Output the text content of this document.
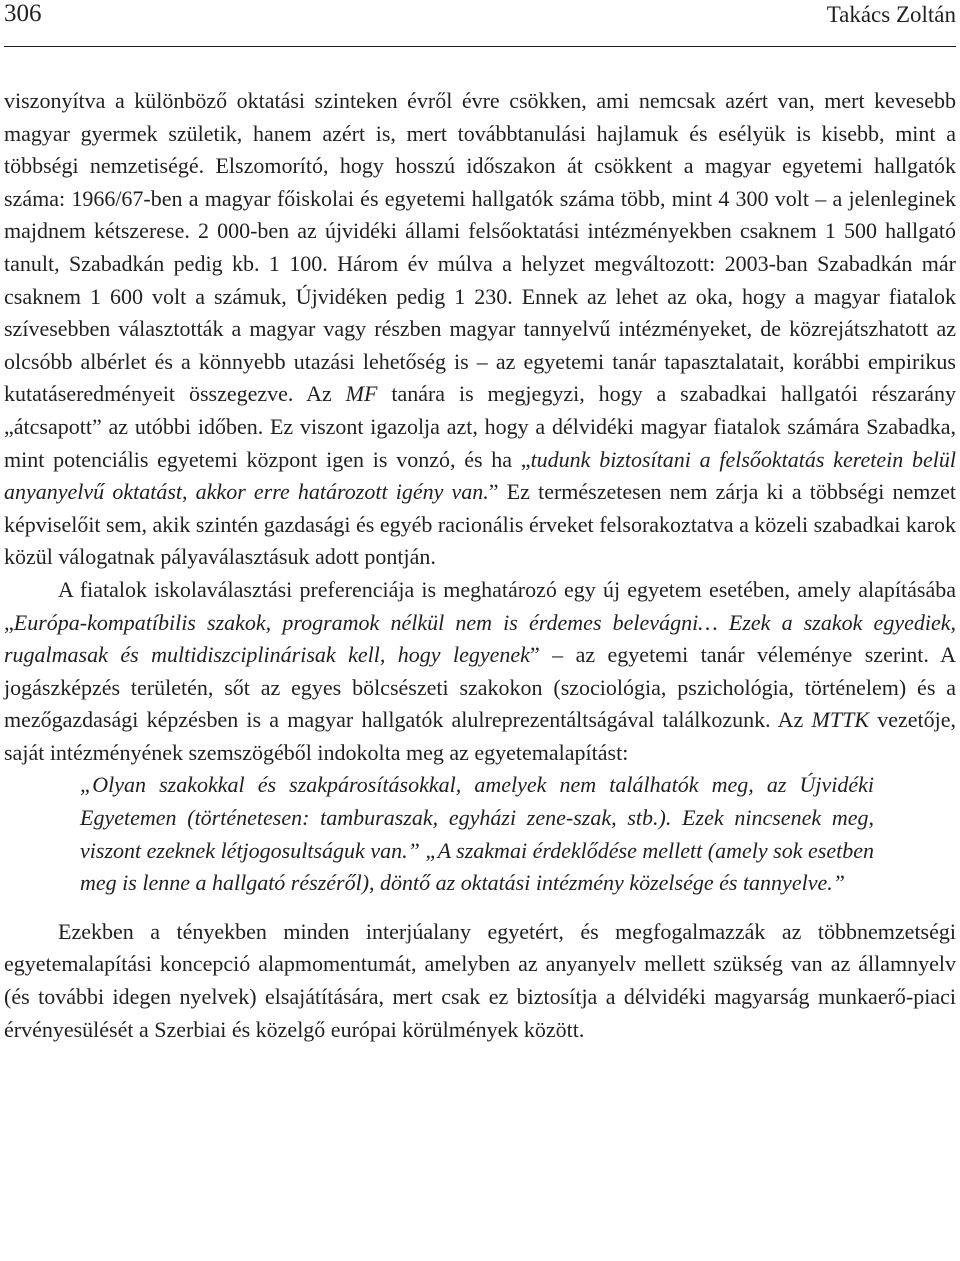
306	Takács Zoltán

viszonyítva a különböző oktatási szinteken évről évre csökken, ami nemcsak azért van, mert kevesebb magyar gyermek születik, hanem azért is, mert továbbtanulási hajlamuk és esélyük is kisebb, mint a többségi nemzetiségé. Elszomorító, hogy hosszú időszakon át csökkent a magyar egyetemi hallgatók száma: 1966/67-ben a magyar főiskolai és egyetemi hallgatók száma több, mint 4 300 volt – a jelenleginek majdnem kétszerese. 2 000-ben az újvidéki állami felsőoktatási intézményekben csaknem 1 500 hallgató tanult, Szabadkán pedig kb. 1 100. Három év múlva a helyzet megváltozott: 2003-ban Szabadkán már csaknem 1 600 volt a számuk, Újvidéken pedig 1 230. Ennek az lehet az oka, hogy a magyar fiatalok szívesebben választották a magyar vagy részben magyar tannyelvű intézményeket, de közrejátszhatott az olcsóbb albérlet és a könnyebb utazási lehetőség is – az egyetemi tanár tapasztalatait, korábbi empirikus kutatáseredményeit összegezve. Az MF tanára is megjegyzi, hogy a szabadkai hallgatói részarány „átcsapott” az utóbbi időben. Ez viszont igazolja azt, hogy a délvidéki magyar fiatalok számára Szabadka, mint potenciális egyetemi központ igen is vonzó, és ha „tudunk biztosítani a felsőoktatás keretein belül anyanyelvű oktatást, akkor erre határozott igény van.” Ez természetesen nem zárja ki a többségi nemzet képviselőit sem, akik szintén gazdasági és egyéb racionális érveket felsorakoztatva a közeli szabadkai karok közül válogatnak pályaválasztásuk adott pontján.

A fiatalok iskolaválasztási preferenciája is meghatározó egy új egyetem esetében, amely alapításába „Európa-kompatíbilis szakok, programok nélkül nem is érdemes belevágni… Ezek a szakok egyediek, rugalmasak és multidiszciplinárisak kell, hogy legyenek” – az egyetemi tanár véleménye szerint. A jogászképzés területén, sőt az egyes bölcsészeti szakokon (szociológia, pszichológia, történelem) és a mezőgazdasági képzésben is a magyar hallgatók alulreprezentáltságával találkozunk. Az MTTK vezetője, saját intézményének szemszögéből indokolta meg az egyetemalapítást:

„Olyan szakokkal és szakpárosításokkal, amelyek nem találhatók meg, az Újvidéki Egyetemen (történetesen: tamburaszak, egyházi zene-szak, stb.). Ezek nincsenek meg, viszont ezeknek létjogosultságuk van.” „A szakmai érdeklődése mellett (amely sok esetben meg is lenne a hallgató részéről), döntő az oktatási intézmény közelsége és tannyelve.”

Ezekben a tényekben minden interjúalany egyetért, és megfogalmazzák az többnemzetségi egyetemalapítási koncepció alapmomentumát, amelyben az anyanyelv mellett szükség van az államnyelv (és további idegen nyelvek) elsajátítására, mert csak ez biztosítja a délvidéki magyarság munkaerő-piaci érvényesülését a Szerbiai és közelgő európai körülmények között.
